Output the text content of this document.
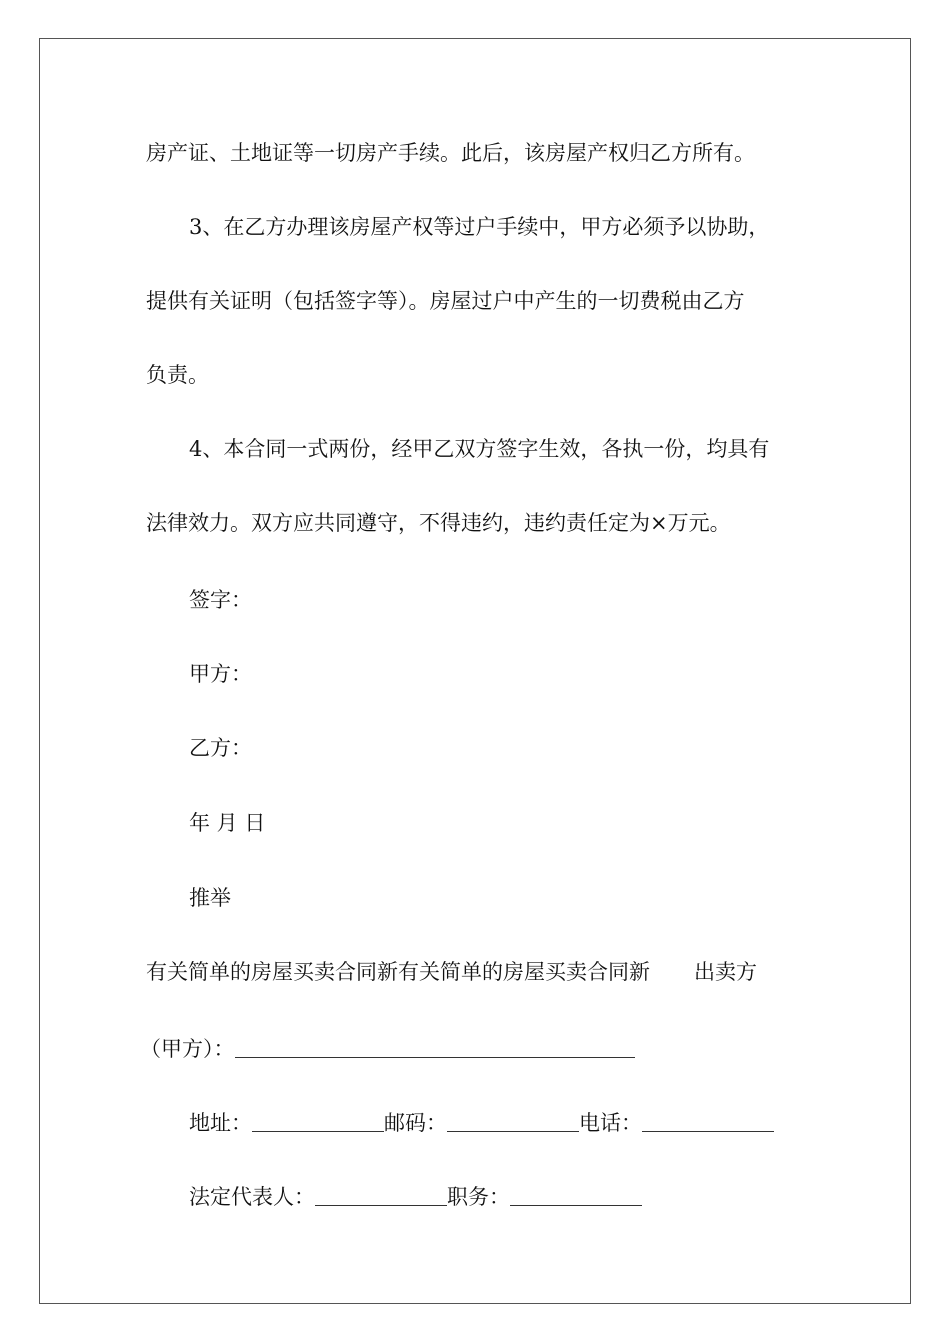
房产证、土地证等一切房产手续。此后，该房屋产权归乙方所有。
3、在乙方办理该房屋产权等过户手续中，甲方必须予以协助，
提供有关证明（包括签字等）。房屋过户中产生的一切费税由乙方
负责。
4、本合同一式两份，经甲乙双方签字生效，各执一份，均具有
法律效力。双方应共同遵守，不得违约，违约责任定为×万元。
签字：
甲方：
乙方：
年 月 日
推举
有关简单的房屋买卖合同新有关简单的房屋买卖合同新 出卖方
（甲方）：
地址：	邮码：	电话：
法定代表人：	职务：
